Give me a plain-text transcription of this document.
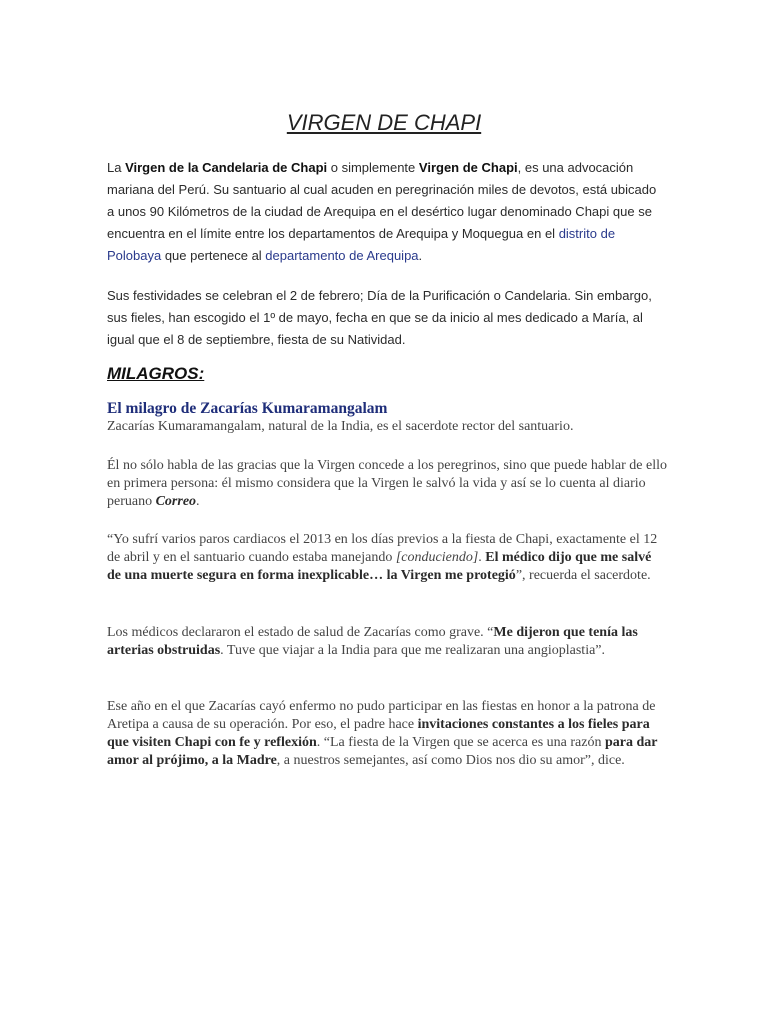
VIRGEN DE CHAPI

La Virgen de la Candelaria de Chapi o simplemente Virgen de Chapi, es una advocación mariana del Perú. Su santuario al cual acuden en peregrinación miles de devotos, está ubicado a unos 90 Kilómetros de la ciudad de Arequipa en el desértico lugar denominado Chapi que se encuentra en el límite entre los departamentos de Arequipa y Moquegua en el distrito de Polobaya que pertenece al departamento de Arequipa.

Sus festividades se celebran el 2 de febrero; Día de la Purificación o Candelaria. Sin embargo, sus fieles, han escogido el 1º de mayo, fecha en que se da inicio al mes dedicado a María, al igual que el 8 de septiembre, fiesta de su Natividad.

MILAGROS:
El milagro de Zacarías Kumaramangalam

Zacarías Kumaramangalam, natural de la India, es el sacerdote rector del santuario.

Él no sólo habla de las gracias que la Virgen concede a los peregrinos, sino que puede hablar de ello en primera persona: él mismo considera que la Virgen le salvó la vida y así se lo cuenta al diario peruano Correo.

“Yo sufrí varios paros cardiacos el 2013 en los días previos a la fiesta de Chapi, exactamente el 12 de abril y en el santuario cuando estaba manejando [conduciendo]. El médico dijo que me salvé de una muerte segura en forma inexplicable… la Virgen me protegió”, recuerda el sacerdote.

Los médicos declararon el estado de salud de Zacarías como grave. “Me dijeron que tenía las arterias obstruidas. Tuve que viajar a la India para que me realizaran una angioplastia”.

Ese año en el que Zacarías cayó enfermo no pudo participar en las fiestas en honor a la patrona de Aretipa a causa de su operación. Por eso, el padre hace invitaciones constantes a los fieles para que visiten Chapi con fe y reflexión. “La fiesta de la Virgen que se acerca es una razón para dar amor al prójimo, a la Madre, a nuestros semejantes, así como Dios nos dio su amor”, dice.
